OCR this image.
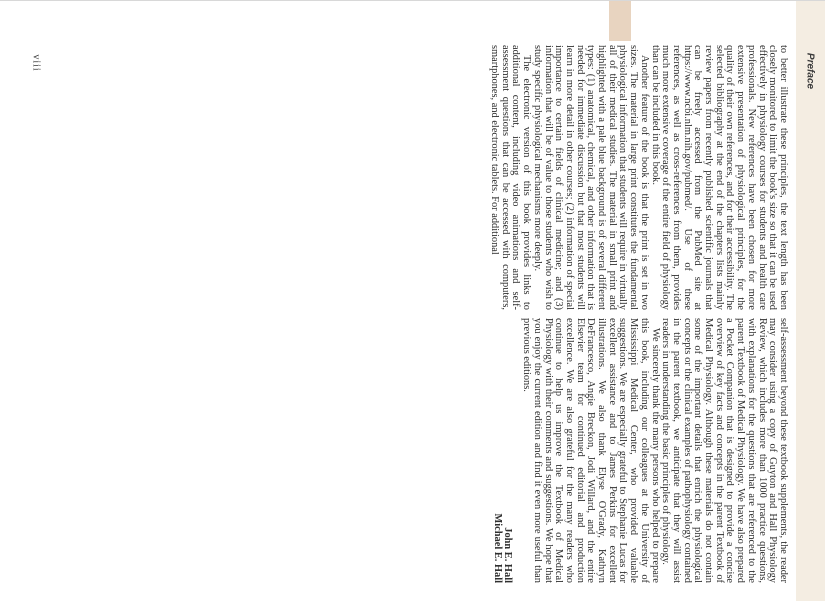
Preface

to better illustrate these principles, the text length has been closely monitored to limit the book's size so that it can be used effectively in physiology courses for students and health care professionals. New references have been chosen for more extensive presentation of physiological principles, for the quality of their own references, and for their accessibility. The selected bibliography at the end of the chapters lists mainly review papers from recently published scientific journals that can be freely accessed from the PubMed site at https://www.ncbi.nlm.nih.gov/pubmed/. Use of these references, as well as cross-references from them, provides much more extensive coverage of the entire field of physiology than can be included in this book.

Another feature of the book is that the print is set in two sizes. The material in large print constitutes the fundamental physiological information that students will require in virtually all of their medical studies. The material in small print and highlighted with a pale blue background is of several different types: (1) anatomical, chemical, and other information that is needed for immediate discussion but that most students will learn in more detail in other courses; (2) information of special importance to certain fields of clinical medicine; and (3) information that will be of value to those students who wish to study specific physiological mechanisms more deeply.

The electronic version of this book provides links to additional content, including video animations and self-assessment questions that can be accessed with computers, smartphones, and electronic tablets. For additional

self-assessment beyond these textbook supplements, the reader may consider using a copy of Guyton and Hall Physiology Review, which includes more than 1000 practice questions, with explanations for the questions that are referenced to the parent Textbook of Medical Physiology. We have also prepared a Pocket Companion that is designed to provide a concise overview of key facts and concepts in the parent Textbook of Medical Physiology. Although these materials do not contain some of the important details that enrich the physiological concepts or the clinical examples of pathophysiology contained in the parent textbook, we anticipate that they will assist readers in understanding the basic principles of physiology.

We sincerely thank the many persons who helped to prepare this book, including our colleagues at the University of Mississippi Medical Center, who provided valuable suggestions. We are especially grateful to Stephanie Lucas for excellent assistance and to James Perkins for excellent illustrations. We also thank Elyse O'Grady, Kathryn DeFrancesco, Angie Breckon, Jodi Willard, and the entire Elsevier team for continued editorial and production excellence. We are also grateful for the many readers who continue to help us improve the Textbook of Medical Physiology with their comments and suggestions. We hope that you enjoy the current edition and find it even more useful than previous editions.

John E. Hall

Michael E. Hall

viii
